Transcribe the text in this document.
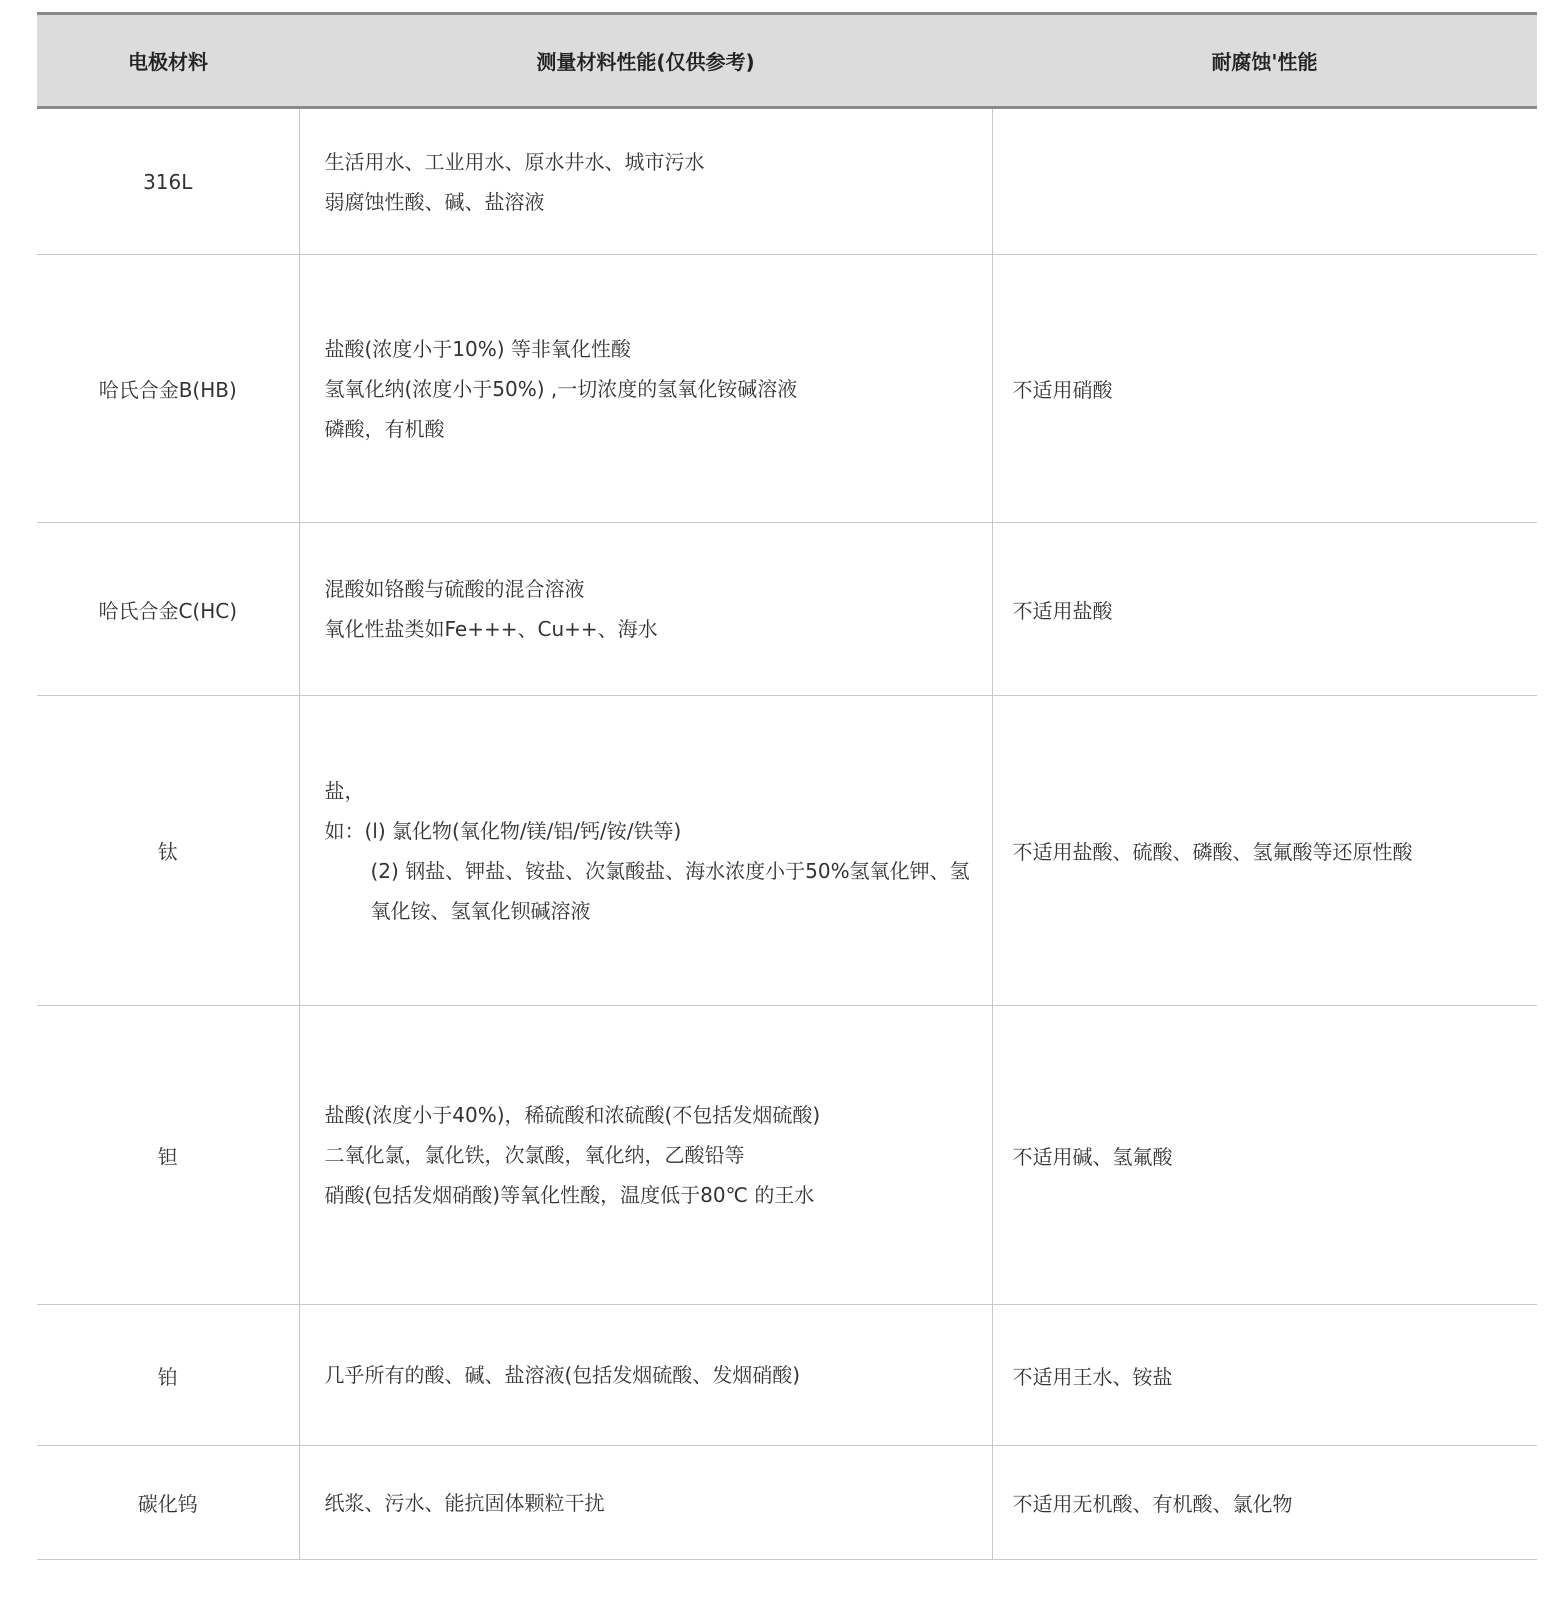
电极材料	测量材料性能(仅供参考)	耐腐蚀'性能
316L	生活用水、工业用水、原水井水、城市污水
弱腐蚀性酸、碱、盐溶液	

哈氏合金B(HB)	盐酸(浓度小于10%) 等非氧化性酸
氢氧化纳(浓度小于50%) ,一切浓度的氢氧化铵碱溶液
磷酸，有机酸	不适用硝酸
哈氏合金C(HC)	混酸如铬酸与硫酸的混合溶液
氧化性盐类如Fe+++、Cu++、海水	不适用盐酸
钛	盐，
如：(l) 氯化物(氧化物/镁/铝/钙/铵/铁等)
(2) 钢盐、钾盐、铵盐、次氯酸盐、海水浓度小于50%氢氧化钾、氢氧化铵、氢氧化钡碱溶液	不适用盐酸、硫酸、磷酸、氢氟酸等还原性酸
钽	盐酸(浓度小于40%)，稀硫酸和浓硫酸(不包括发烟硫酸)
二氧化氯，氯化铁，次氯酸，氧化纳，乙酸铅等
硝酸(包括发烟硝酸)等氧化性酸，温度低于80℃ 的王水	不适用碱、氢氟酸
铂	几乎所有的酸、碱、盐溶液(包括发烟硫酸、发烟硝酸)	不适用王水、铵盐
碳化钨	纸浆、污水、能抗固体颗粒干扰	不适用无机酸、有机酸、氯化物
